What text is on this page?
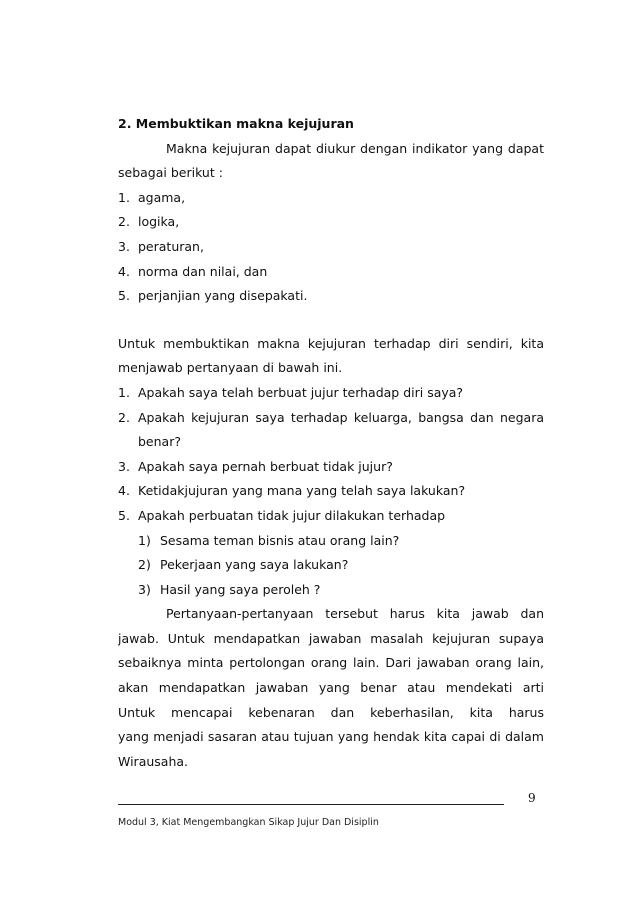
2. Membuktikan makna kejujuran
Makna kejujuran dapat diukur dengan indikator yang dapat
sebagai berikut :
1. agama,
2. logika,
3. peraturan,
4. norma dan nilai, dan
5. perjanjian yang disepakati.
Untuk membuktikan makna kejujuran terhadap diri sendiri, kita
menjawab pertanyaan di bawah ini.
1. Apakah saya telah berbuat jujur terhadap diri saya?
2. Apakah kejujuran saya terhadap keluarga, bangsa dan negara
benar?
3. Apakah saya pernah berbuat tidak jujur?
4. Ketidakjujuran yang mana yang telah saya lakukan?
5. Apakah perbuatan tidak jujur dilakukan terhadap
1) Sesama teman bisnis atau orang lain?
2) Pekerjaan yang saya lakukan?
3) Hasil yang saya peroleh ?
Pertanyaan-pertanyaan tersebut harus kita jawab dan
jawab. Untuk mendapatkan jawaban masalah kejujuran supaya
sebaiknya minta pertolongan orang lain. Dari jawaban orang lain,
akan mendapatkan jawaban yang benar atau mendekati arti
Untuk mencapai kebenaran dan keberhasilan, kita harus
yang menjadi sasaran atau tujuan yang hendak kita capai di dalam
Wirausaha.
9
Modul 3, Kiat Mengembangkan Sikap Jujur Dan Disiplin
